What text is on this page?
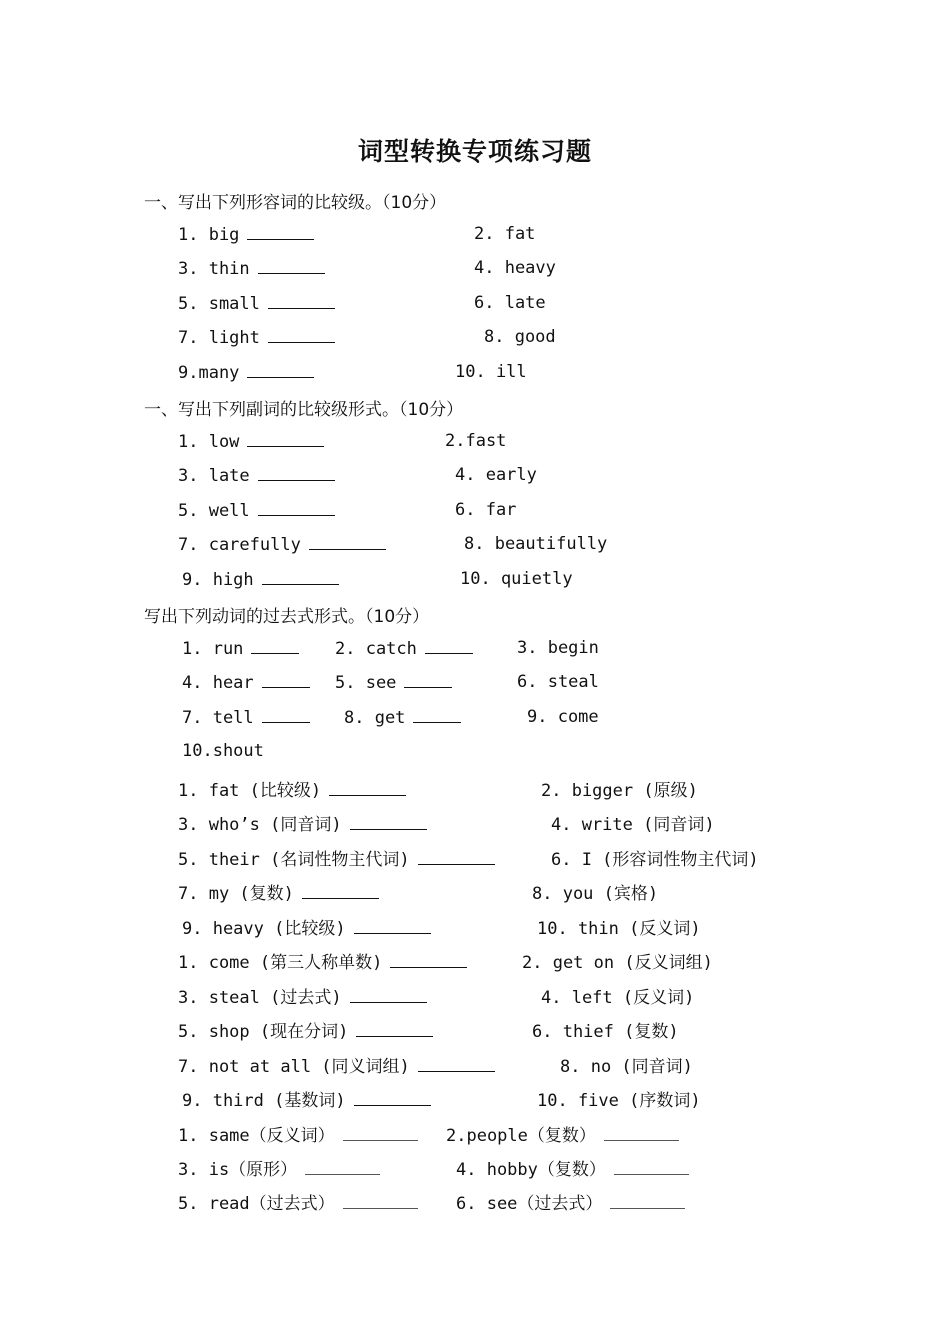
词型转换专项练习题
一、写出下列形容词的比较级。（10分）
1. big	2. fat
3. thin	4. heavy
5. small	6. late
7. light	8. good
9.many	10. ill
一、写出下列副词的比较级形式。（10分）
1. low	2.fast
3. late	4. early
5. well	6. far
7. carefully	8. beautifully
9. high	10. quietly
写出下列动词的过去式形式。（10分）
1. run	2. catch	3. begin
4. hear	5. see	6. steal
7. tell	8. get	9. come
10.shout
1. fat (比较级)	2. bigger (原级)
3. who’s (同音词)	4. write (同音词)
5. their (名词性物主代词)	6. I (形容词性物主代词)
7. my (复数)	8. you (宾格)
9. heavy (比较级)	10. thin (反义词)
1. come (第三人称单数)	2. get on (反义词组)
3. steal (过去式)	4. left (反义词)
5. shop (现在分词)	6. thief (复数)
7. not at all (同义词组)	8. no (同音词)
9. third (基数词)	10. five (序数词)
1. same（反义词）	2.people（复数）
3. is（原形）	4. hobby（复数）
5. read（过去式）	6. see（过去式）
